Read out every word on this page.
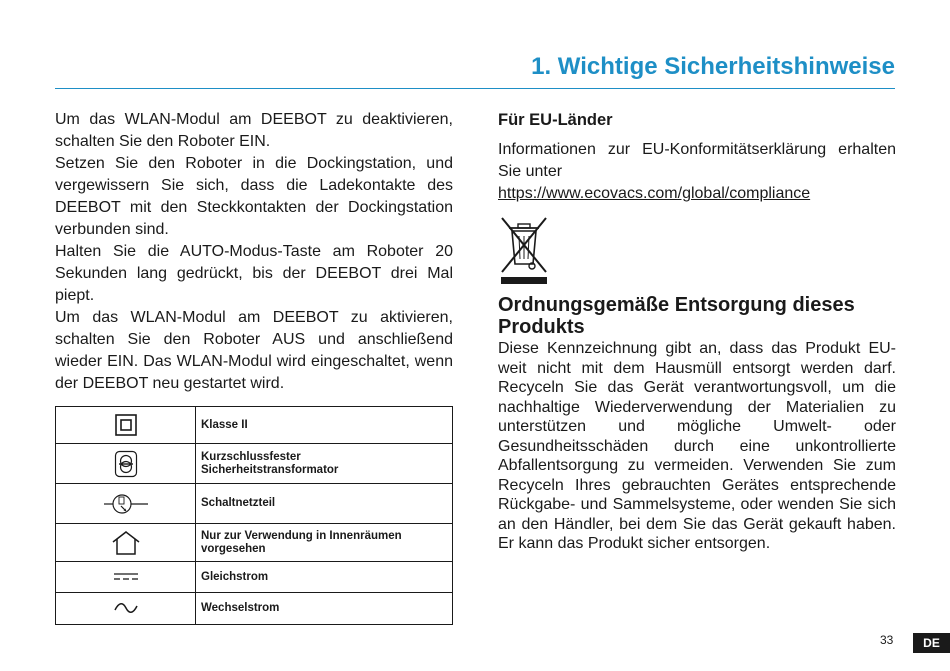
1. Wichtige Sicherheitshinweise

Um das WLAN-Modul am DEEBOT zu deaktivieren, schalten Sie den Roboter EIN.

Setzen Sie den Roboter in die Dockingstation, und vergewissern Sie sich, dass die Ladekontakte des DEEBOT mit den Steckkontakten der Dockingstation verbunden sind.

Halten Sie die AUTO-Modus-Taste am Roboter 20 Sekunden lang gedrückt, bis der DEEBOT drei Mal piept.

Um das WLAN-Modul am DEEBOT zu aktivieren, schalten Sie den Roboter AUS und anschließend wieder EIN. Das WLAN-Modul wird eingeschaltet, wenn der DEEBOT neu gestartet wird.

	Klasse II

Kurzschlussfester
Sicherheitstransformator

	Schaltnetzteil

Nur zur Verwendung in Innenräumen
vorgesehen

	Gleichstrom
	Wechselstrom
Für EU-Länder

Informationen zur EU-Konformitätserklärung erhalten Sie unter

https://www.ecovacs.com/global/compliance
Ordnungsgemäße Entsorgung dieses Produkts

Diese Kennzeichnung gibt an, dass das Produkt EU-weit nicht mit dem Hausmüll entsorgt werden darf. Recyceln Sie das Gerät verantwortungsvoll, um die nachhaltige Wiederverwendung der Materialien zu unterstützen und mögliche Umwelt- oder Gesundheitsschäden durch eine unkontrollierte Abfallentsorgung zu vermeiden. Verwenden Sie zum Recyceln Ihres gebrauchten Gerätes entsprechende Rückgabe- und Sammelsysteme, oder wenden Sie sich an den Händler, bei dem Sie das Gerät gekauft haben. Er kann das Produkt sicher entsorgen.

33	DE
